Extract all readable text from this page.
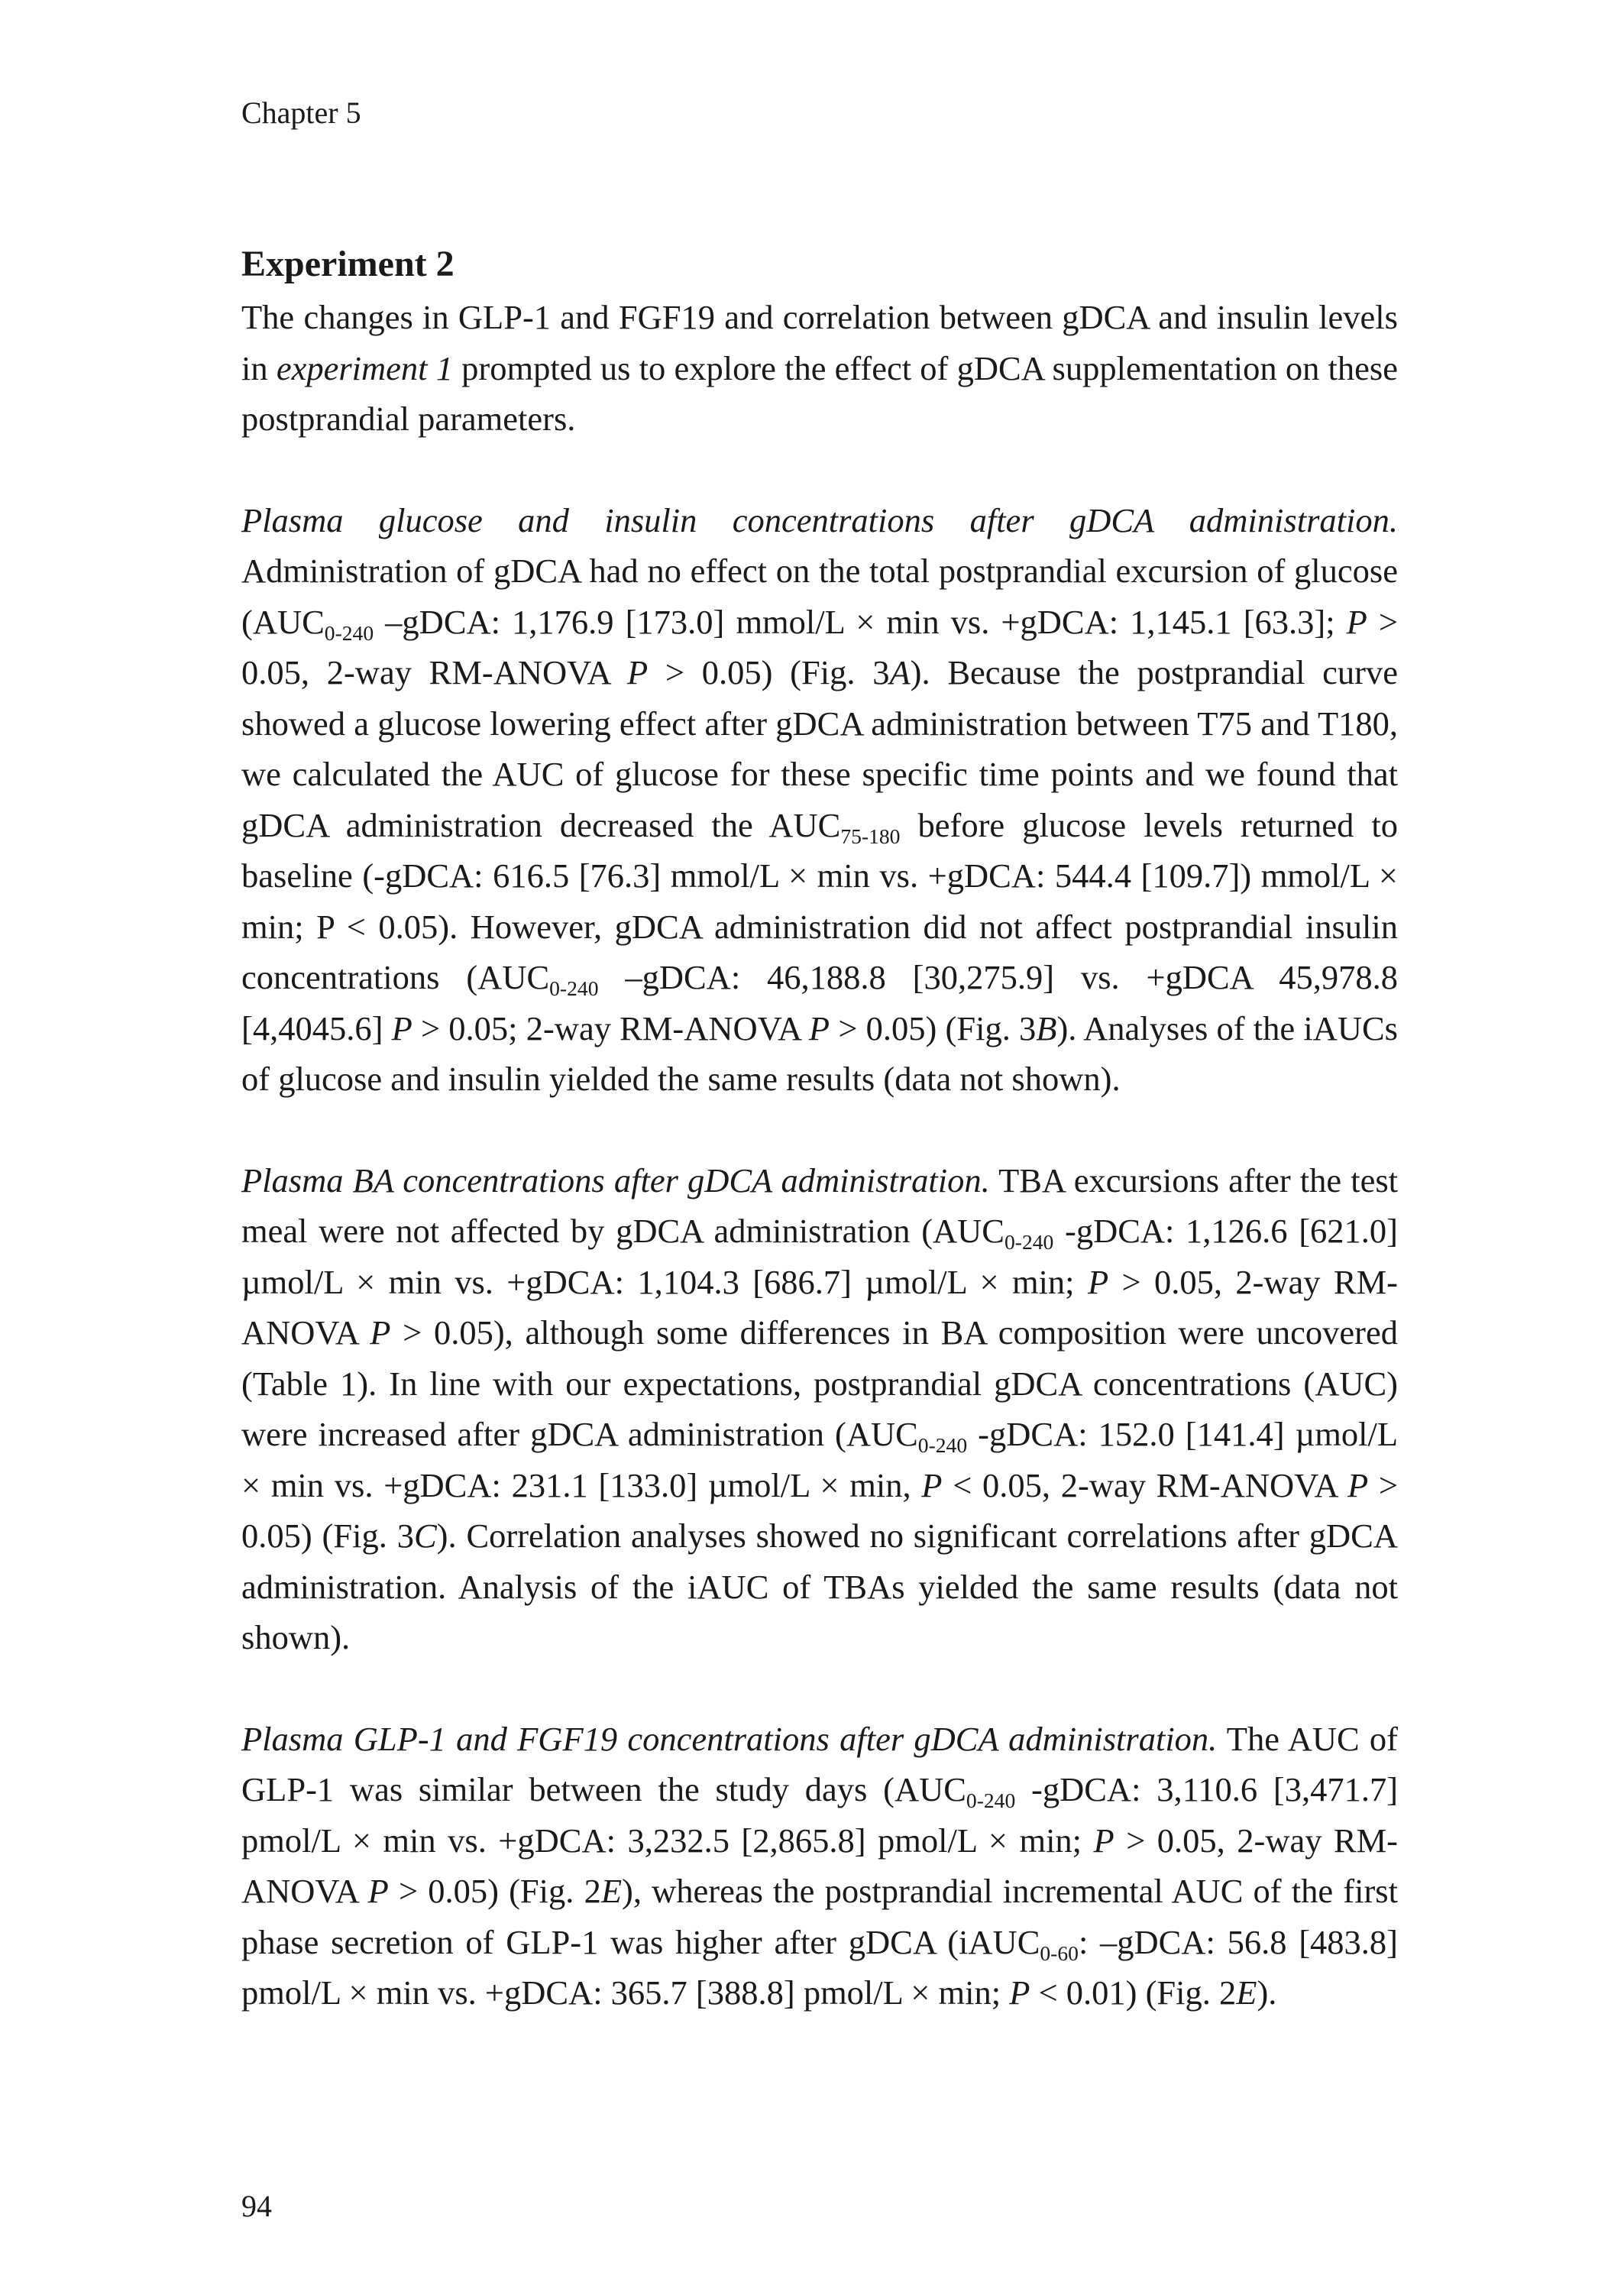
Chapter 5
Experiment 2

The changes in GLP-1 and FGF19 and correlation between gDCA and insulin levels in experiment 1 prompted us to explore the effect of gDCA supplementation on these postprandial parameters.

Plasma glucose and insulin concentrations after gDCA administration. Administration of gDCA had no effect on the total postprandial excursion of glucose ($AUC_{0-240}$ –gDCA: 1,176.9 [173.0] mmol/L × min vs. +gDCA: 1,145.1 [63.3]; P > 0.05, 2-way RM-ANOVA P > 0.05) (Fig. 3A). Because the postprandial curve showed a glucose lowering effect after gDCA administration between T75 and T180, we calculated the AUC of glucose for these specific time points and we found that gDCA administration decreased the $AUC_{75-180}$ before glucose levels returned to baseline (-gDCA: 616.5 [76.3] mmol/L × min vs. +gDCA: 544.4 [109.7]) mmol/L × min; P < 0.05). However, gDCA administration did not affect postprandial insulin concentrations ($AUC_{0-240}$ –gDCA: 46,188.8 [30,275.9] vs. +gDCA 45,978.8 [4,4045.6] P > 0.05; 2-way RM-ANOVA P > 0.05) (Fig. 3B). Analyses of the iAUCs of glucose and insulin yielded the same results (data not shown).

Plasma BA concentrations after gDCA administration. TBA excursions after the test meal were not affected by gDCA administration ($AUC_{0-240}$ -gDCA: 1,126.6 [621.0] µmol/L × min vs. +gDCA: 1,104.3 [686.7] µmol/L × min; P > 0.05, 2-way RM-ANOVA P > 0.05), although some differences in BA composition were uncovered (Table 1). In line with our expectations, postprandial gDCA concentrations (AUC) were increased after gDCA administration ($AUC_{0-240}$ -gDCA: 152.0 [141.4] µmol/L × min vs. +gDCA: 231.1 [133.0] µmol/L × min, P < 0.05, 2-way RM-ANOVA P > 0.05) (Fig. 3C). Correlation analyses showed no significant correlations after gDCA administration. Analysis of the iAUC of TBAs yielded the same results (data not shown).

Plasma GLP-1 and FGF19 concentrations after gDCA administration. The AUC of GLP-1 was similar between the study days ($AUC_{0-240}$ -gDCA: 3,110.6 [3,471.7] pmol/L × min vs. +gDCA: 3,232.5 [2,865.8] pmol/L × min; P > 0.05, 2-way RM-ANOVA P > 0.05) (Fig. 2E), whereas the postprandial incremental AUC of the first phase secretion of GLP-1 was higher after gDCA (iAUC$_{0-60}$: –gDCA: 56.8 [483.8] pmol/L × min vs. +gDCA: 365.7 [388.8] pmol/L × min; P < 0.01) (Fig. 2E).

94
